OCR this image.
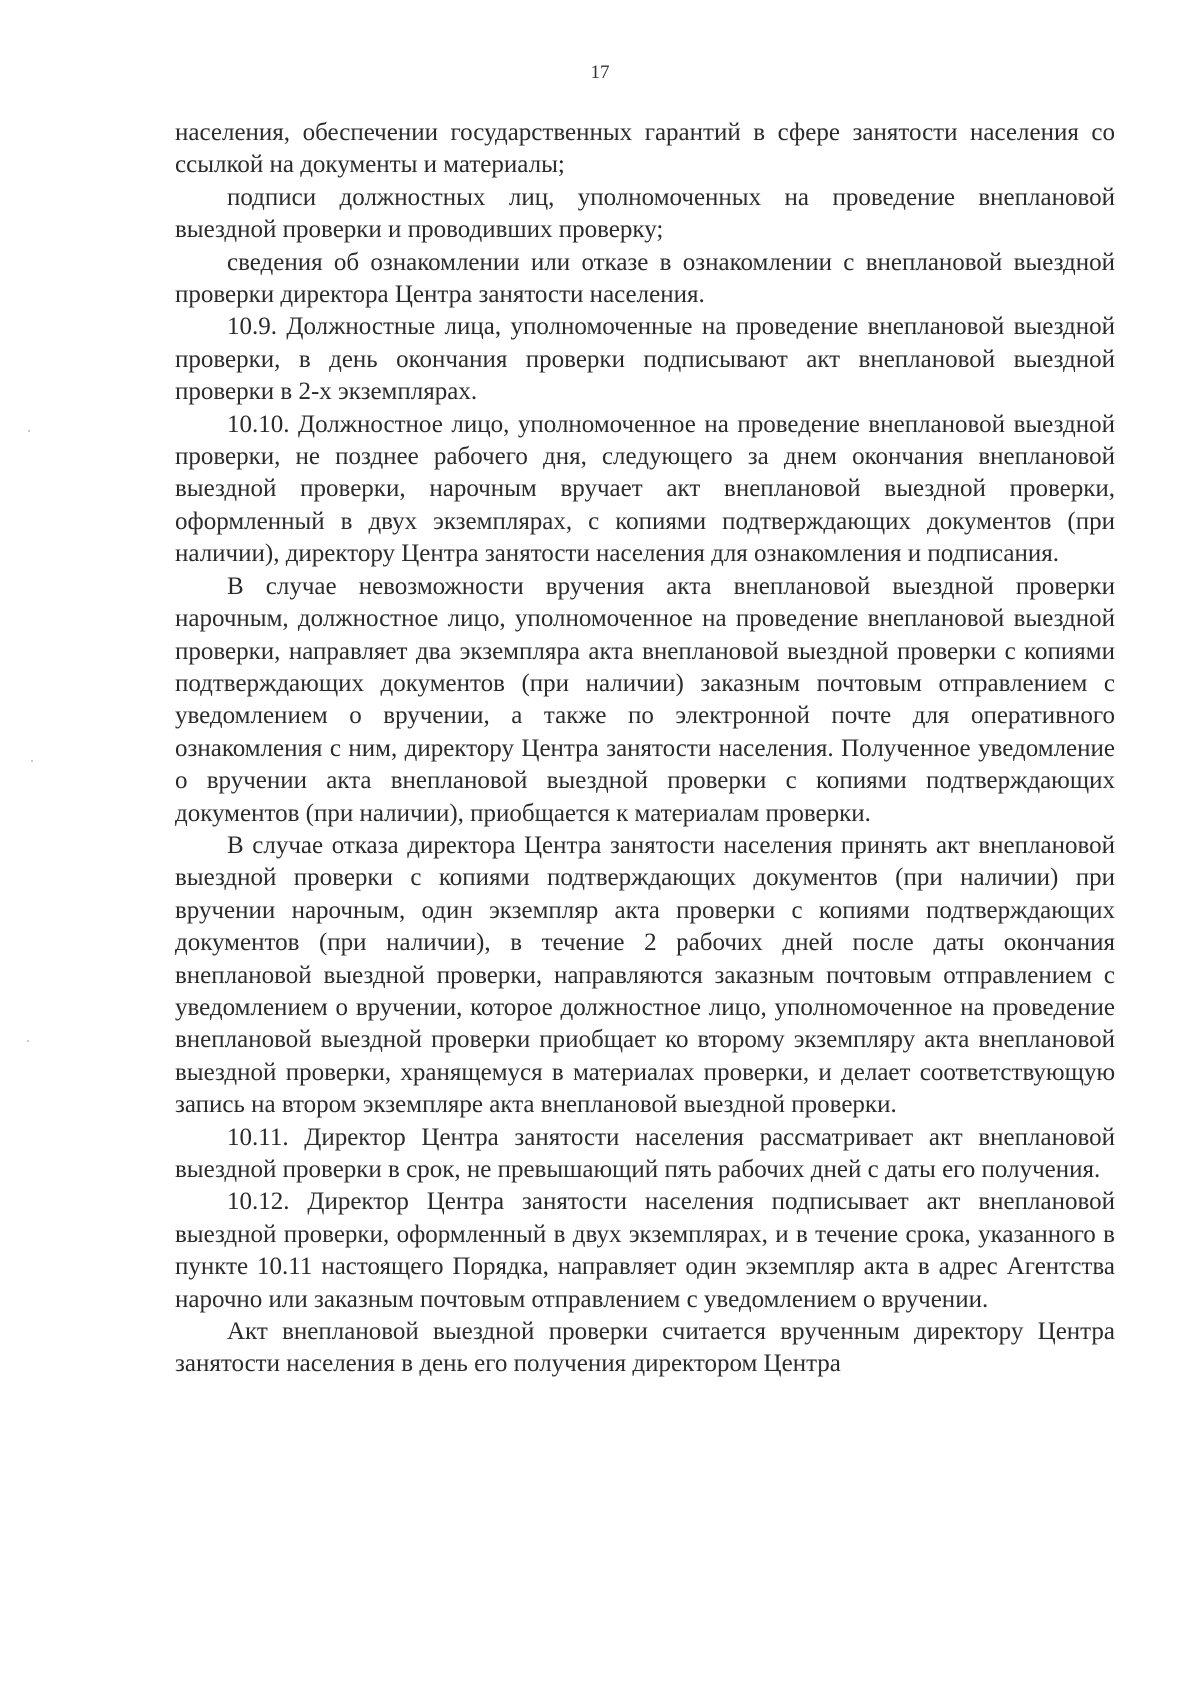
17

населения, обеспечении государственных гарантий в сфере занятости населения со ссылкой на документы и материалы;

подписи должностных лиц, уполномоченных на проведение внеплановой выездной проверки и проводивших проверку;

сведения об ознакомлении или отказе в ознакомлении с внеплановой выездной проверки директора Центра занятости населения.

10.9. Должностные лица, уполномоченные на проведение внеплановой выездной проверки, в день окончания проверки подписывают акт внеплановой выездной проверки в 2-х экземплярах.

10.10. Должностное лицо, уполномоченное на проведение внеплановой выездной проверки, не позднее рабочего дня, следующего за днем окончания внеплановой выездной проверки, нарочным вручает акт внеплановой выездной проверки, оформленный в двух экземплярах, с копиями подтверждающих документов (при наличии), директору Центра занятости населения для ознакомления и подписания.

В случае невозможности вручения акта внеплановой выездной проверки нарочным, должностное лицо, уполномоченное на проведение внеплановой выездной проверки, направляет два экземпляра акта внеплановой выездной проверки с копиями подтверждающих документов (при наличии) заказным почтовым отправлением с уведомлением о вручении, а также по электронной почте для оперативного ознакомления с ним, директору Центра занятости населения. Полученное уведомление о вручении акта внеплановой выездной проверки с копиями подтверждающих документов (при наличии), приобщается к материалам проверки.

В случае отказа директора Центра занятости населения принять акт внеплановой выездной проверки с копиями подтверждающих документов (при наличии) при вручении нарочным, один экземпляр акта проверки с копиями подтверждающих документов (при наличии), в течение 2 рабочих дней после даты окончания внеплановой выездной проверки, направляются заказным почтовым отправлением с уведомлением о вручении, которое должностное лицо, уполномоченное на проведение внеплановой выездной проверки приобщает ко второму экземпляру акта внеплановой выездной проверки, хранящемуся в материалах проверки, и делает соответствующую запись на втором экземпляре акта внеплановой выездной проверки.

10.11. Директор Центра занятости населения рассматривает акт внеплановой выездной проверки в срок, не превышающий пять рабочих дней с даты его получения.

10.12. Директор Центра занятости населения подписывает акт внеплановой выездной проверки, оформленный в двух экземплярах, и в течение срока, указанного в пункте 10.11 настоящего Порядка, направляет один экземпляр акта в адрес Агентства нарочно или заказным почтовым отправлением с уведомлением о вручении.

Акт внеплановой выездной проверки считается врученным директору Центра занятости населения в день его получения директором Центра
